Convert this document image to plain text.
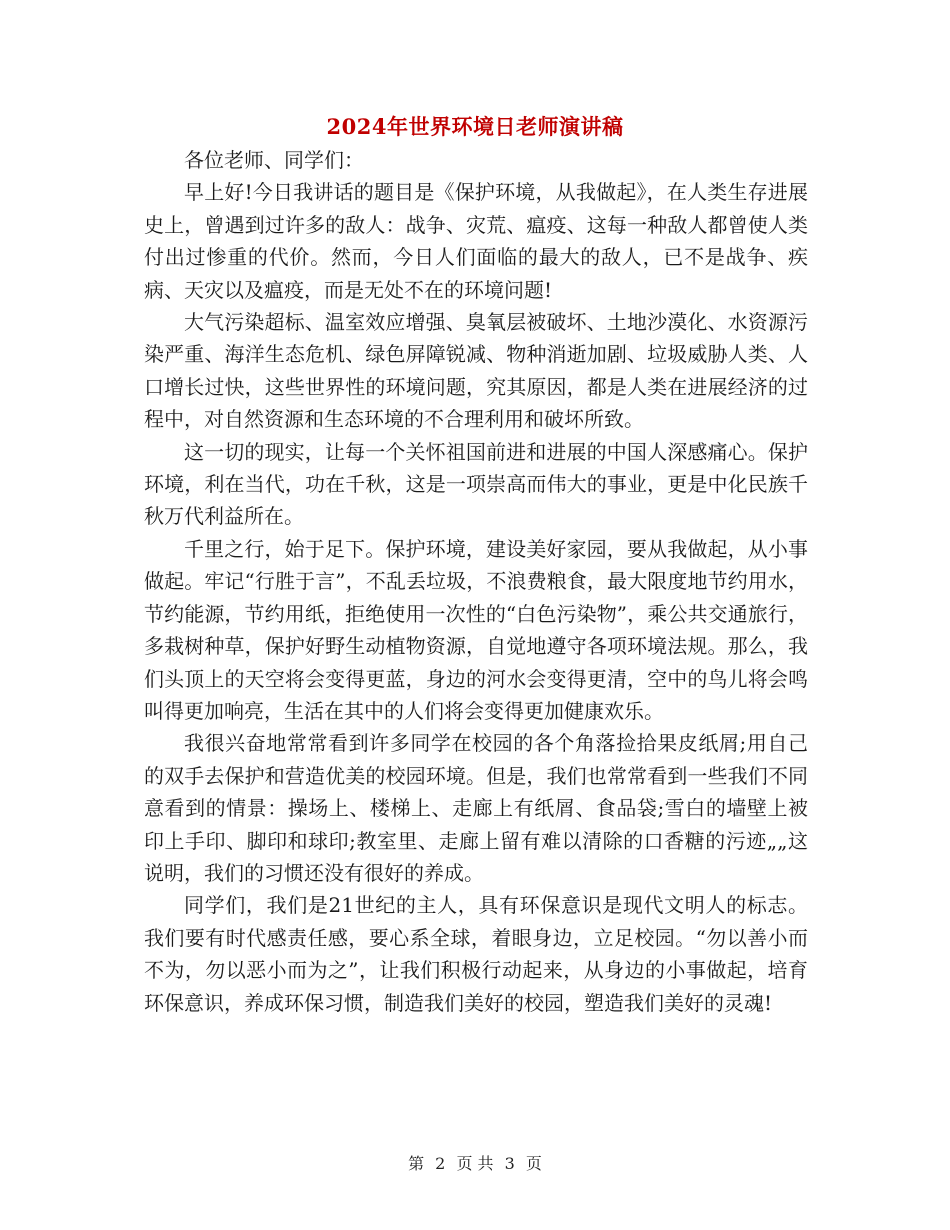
2024年世界环境日老师演讲稿

各位老师、同学们：

早上好!今日我讲话的题目是《保护环境，从我做起》，在人类生存进展史上，曾遇到过许多的敌人：战争、灾荒、瘟疫、这每一种敌人都曾使人类付出过惨重的代价。然而，今日人们面临的最大的敌人，已不是战争、疾病、天灾以及瘟疫，而是无处不在的环境问题!

大气污染超标、温室效应增强、臭氧层被破坏、土地沙漠化、水资源污染严重、海洋生态危机、绿色屏障锐减、物种消逝加剧、垃圾威胁人类、人口增长过快，这些世界性的环境问题，究其原因，都是人类在进展经济的过程中，对自然资源和生态环境的不合理利用和破坏所致。

这一切的现实，让每一个关怀祖国前进和进展的中国人深感痛心。保护环境，利在当代，功在千秋，这是一项崇高而伟大的事业，更是中化民族千秋万代利益所在。

千里之行，始于足下。保护环境，建设美好家园，要从我做起，从小事做起。牢记“行胜于言”，不乱丢垃圾，不浪费粮食，最大限度地节约用水，节约能源，节约用纸，拒绝使用一次性的“白色污染物”，乘公共交通旅行，多栽树种草，保护好野生动植物资源，自觉地遵守各项环境法规。那么，我们头顶上的天空将会变得更蓝，身边的河水会变得更清，空中的鸟儿将会鸣叫得更加响亮，生活在其中的人们将会变得更加健康欢乐。

我很兴奋地常常看到许多同学在校园的各个角落捡拾果皮纸屑;用自己的双手去保护和营造优美的校园环境。但是，我们也常常看到一些我们不同意看到的情景：操场上、楼梯上、走廊上有纸屑、食品袋;雪白的墙壁上被印上手印、脚印和球印;教室里、走廊上留有难以清除的口香糖的污迹„„这说明，我们的习惯还没有很好的养成。

同学们，我们是21世纪的主人，具有环保意识是现代文明人的标志。我们要有时代感责任感，要心系全球，着眼身边，立足校园。“勿以善小而不为，勿以恶小而为之”，让我们积极行动起来，从身边的小事做起，培育环保意识，养成环保习惯，制造我们美好的校园，塑造我们美好的灵魂!

第 2 页 共 3 页
